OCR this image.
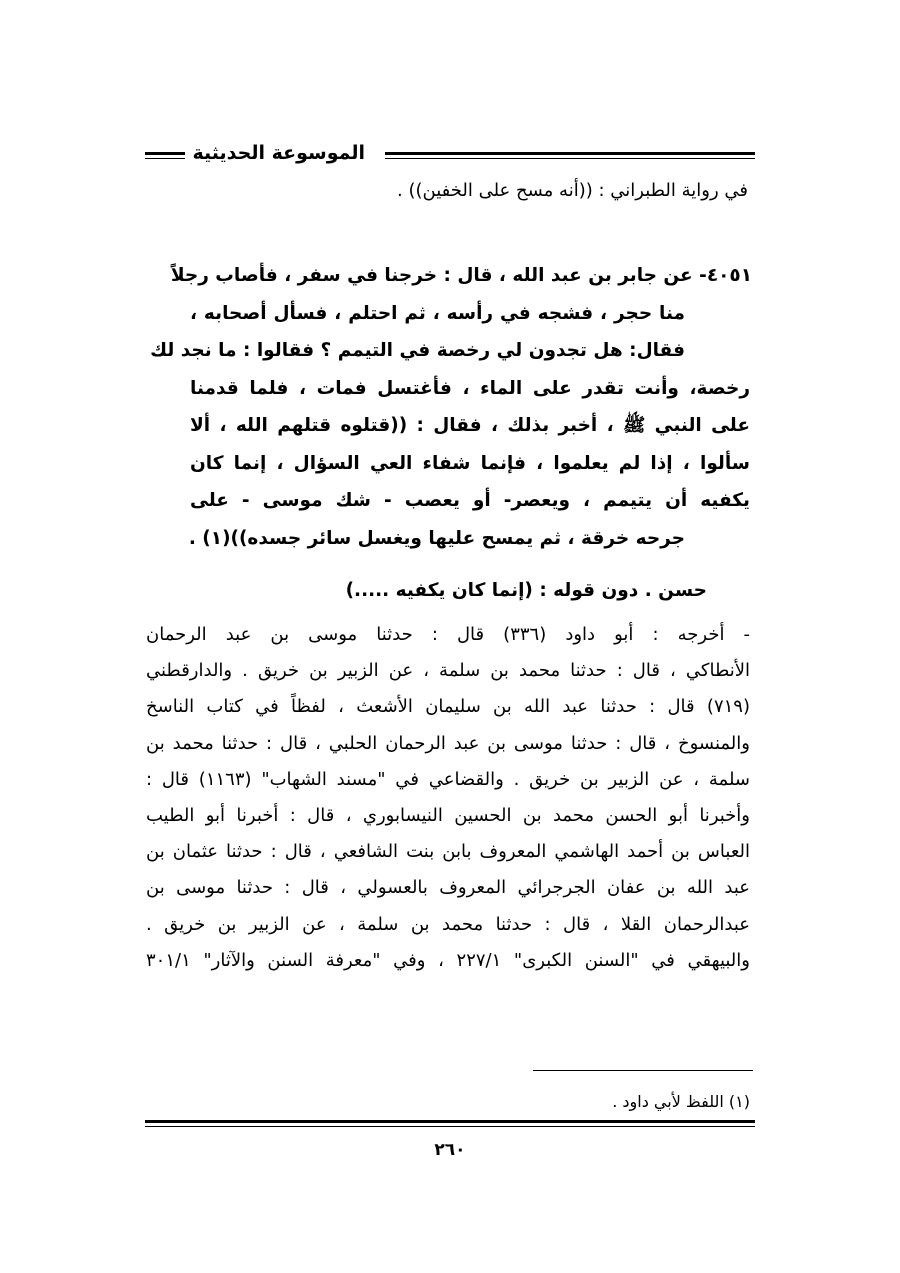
الموسوعة الحديثية
في رواية الطبراني : ((أنه مسح على الخفين)) .
٤٠٥١- عن جابر بن عبد الله ، قال : خرجنا في سفر ، فأصاب رجلاً
منا حجر ، فشجه في رأسه ، ثم احتلم ، فسأل أصحابه ،
فقال: هل تجدون لي رخصة في التيمم ؟ فقالوا : ما نجد لك
رخصة، وأنت تقدر على الماء ، فأغتسل فمات ، فلما قدمنا
على النبي ﷺ ، أخبر بذلك ، فقال : ((قتلوه قتلهم الله ، ألا
سألوا ، إذا لم يعلموا ، فإنما شفاء العي السؤال ، إنما كان
يكفيه أن يتيمم ، ويعصر- أو يعصب - شك موسى - على
جرحه خرقة ، ثم يمسح عليها ويغسل سائر جسده))(١) .
حسن . دون قوله : (إنما كان يكفيه .....)
- أخرجه : أبو داود (٣٣٦) قال : حدثنا موسى بن عبد الرحمان
الأنطاكي ، قال : حدثنا محمد بن سلمة ، عن الزبير بن خريق . والدارقطني
(٧١٩) قال : حدثنا عبد الله بن سليمان الأشعث ، لفظاً في كتاب الناسخ
والمنسوخ ، قال : حدثنا موسى بن عبد الرحمان الحلبي ، قال : حدثنا محمد بن
سلمة ، عن الزبير بن خريق . والقضاعي في "مسند الشهاب" (١١٦٣) قال :
وأخبرنا أبو الحسن محمد بن الحسين النيسابوري ، قال : أخبرنا أبو الطيب
العباس بن أحمد الهاشمي المعروف بابن بنت الشافعي ، قال : حدثنا عثمان بن
عبد الله بن عفان الجرجرائي المعروف بالعسولي ، قال : حدثنا موسى بن
عبدالرحمان القلا ، قال : حدثنا محمد بن سلمة ، عن الزبير بن خريق .
والبيهقي في "السنن الكبرى" ٢٢٧/١ ، وفي "معرفة السنن والآثار" ٣٠١/١
(١) اللفظ لأبي داود .
٢٦٠
